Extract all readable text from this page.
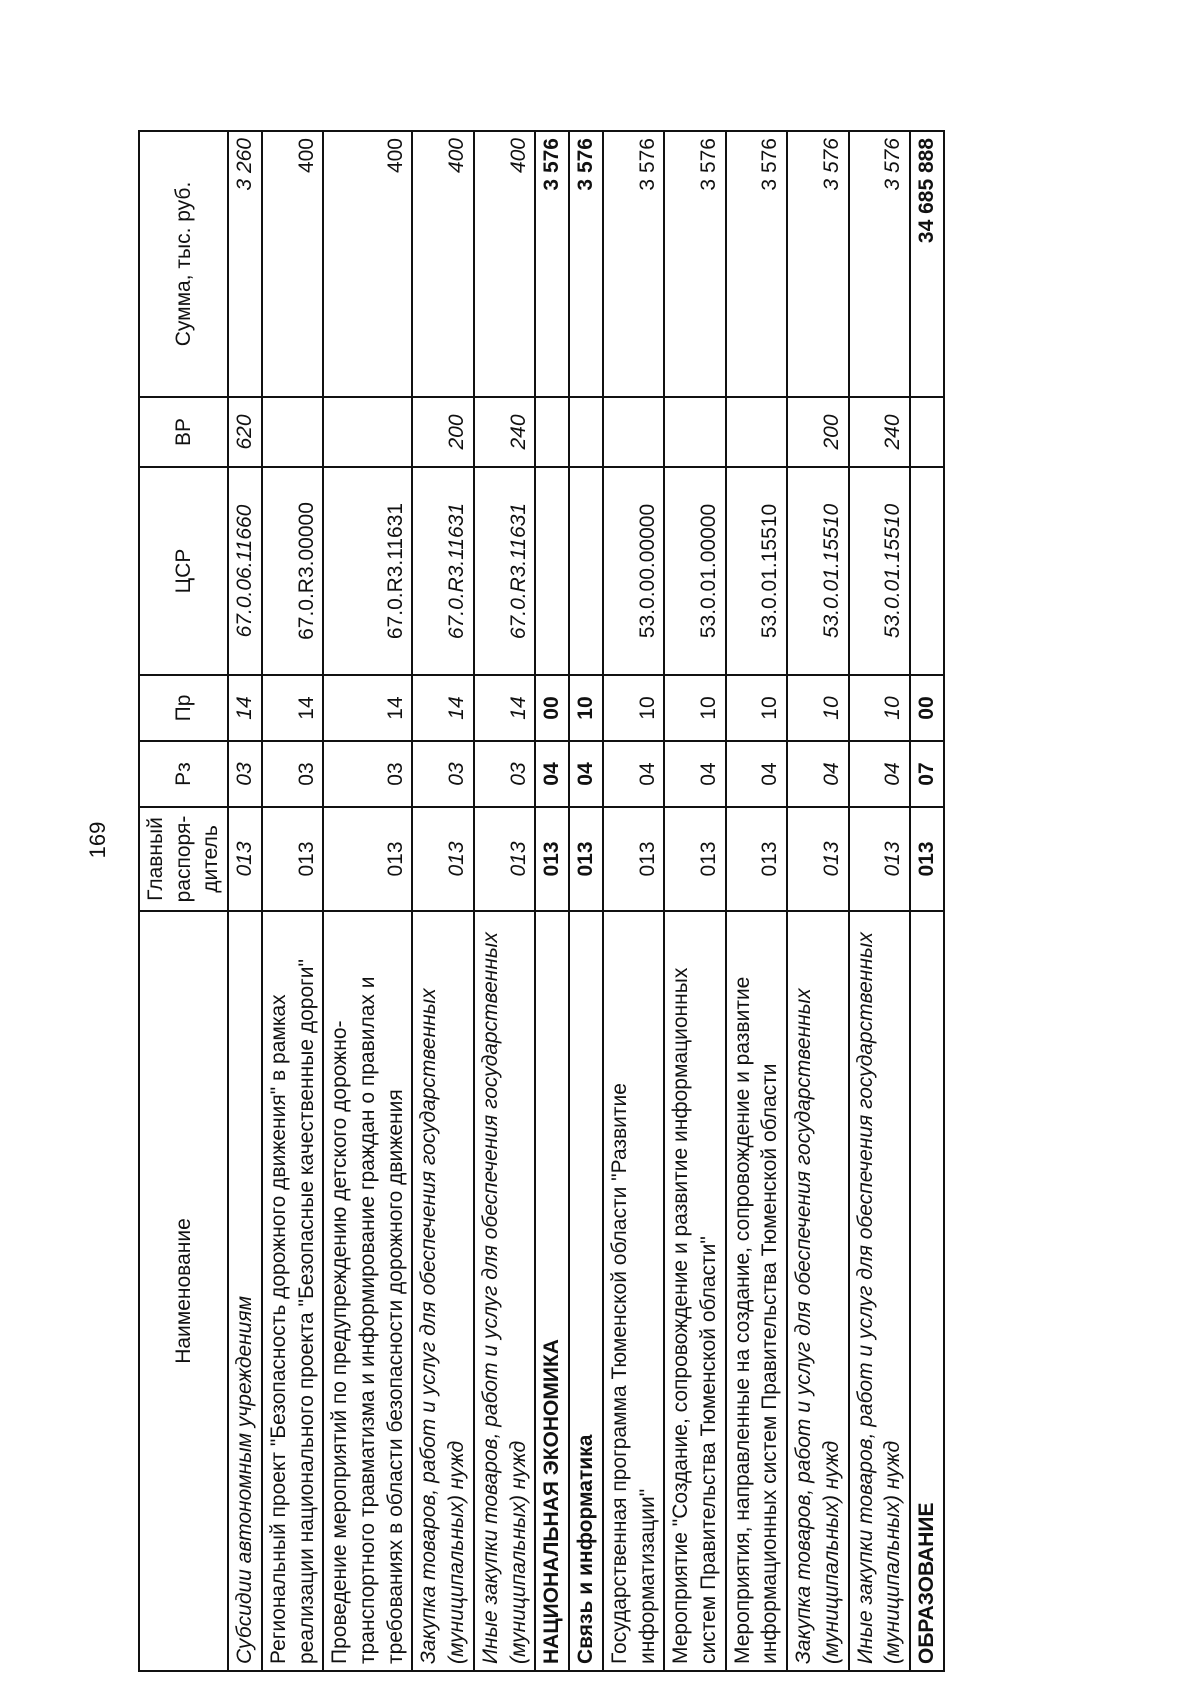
169
Наименование	Главный распоря-дитель	Рз	Пр	ЦСР	ВР	Сумма, тыс. руб.
Субсидии автономным учреждениям	013	03	14	67.0.06.11660	620	3 260
Региональный проект "Безопасность дорожного движения" в рамках реализации национального проекта "Безопасные качественные дороги"	013	03	14	67.0.R3.00000		400
Проведение мероприятий по предупреждению детского дорожно-транспортного травматизма и информирование граждан о правилах и требованиях в области безопасности дорожного движения	013	03	14	67.0.R3.11631		400
Закупка товаров, работ и услуг для обеспечения государственных (муниципальных) нужд	013	03	14	67.0.R3.11631	200	400
Иные закупки товаров, работ и услуг для обеспечения государственных (муниципальных) нужд	013	03	14	67.0.R3.11631	240	400
НАЦИОНАЛЬНАЯ ЭКОНОМИКА	013	04	00			3 576
Связь и информатика	013	04	10			3 576
Государственная программа Тюменской области "Развитие информатизации"	013	04	10	53.0.00.00000		3 576
Мероприятие "Создание, сопровождение и развитие информационных систем Правительства Тюменской области"	013	04	10	53.0.01.00000		3 576
Мероприятия, направленные на создание, сопровождение и развитие информационных систем Правительства Тюменской области	013	04	10	53.0.01.15510		3 576
Закупка товаров, работ и услуг для обеспечения государственных (муниципальных) нужд	013	04	10	53.0.01.15510	200	3 576
Иные закупки товаров, работ и услуг для обеспечения государственных (муниципальных) нужд	013	04	10	53.0.01.15510	240	3 576
ОБРАЗОВАНИЕ	013	07	00			34 685 888
